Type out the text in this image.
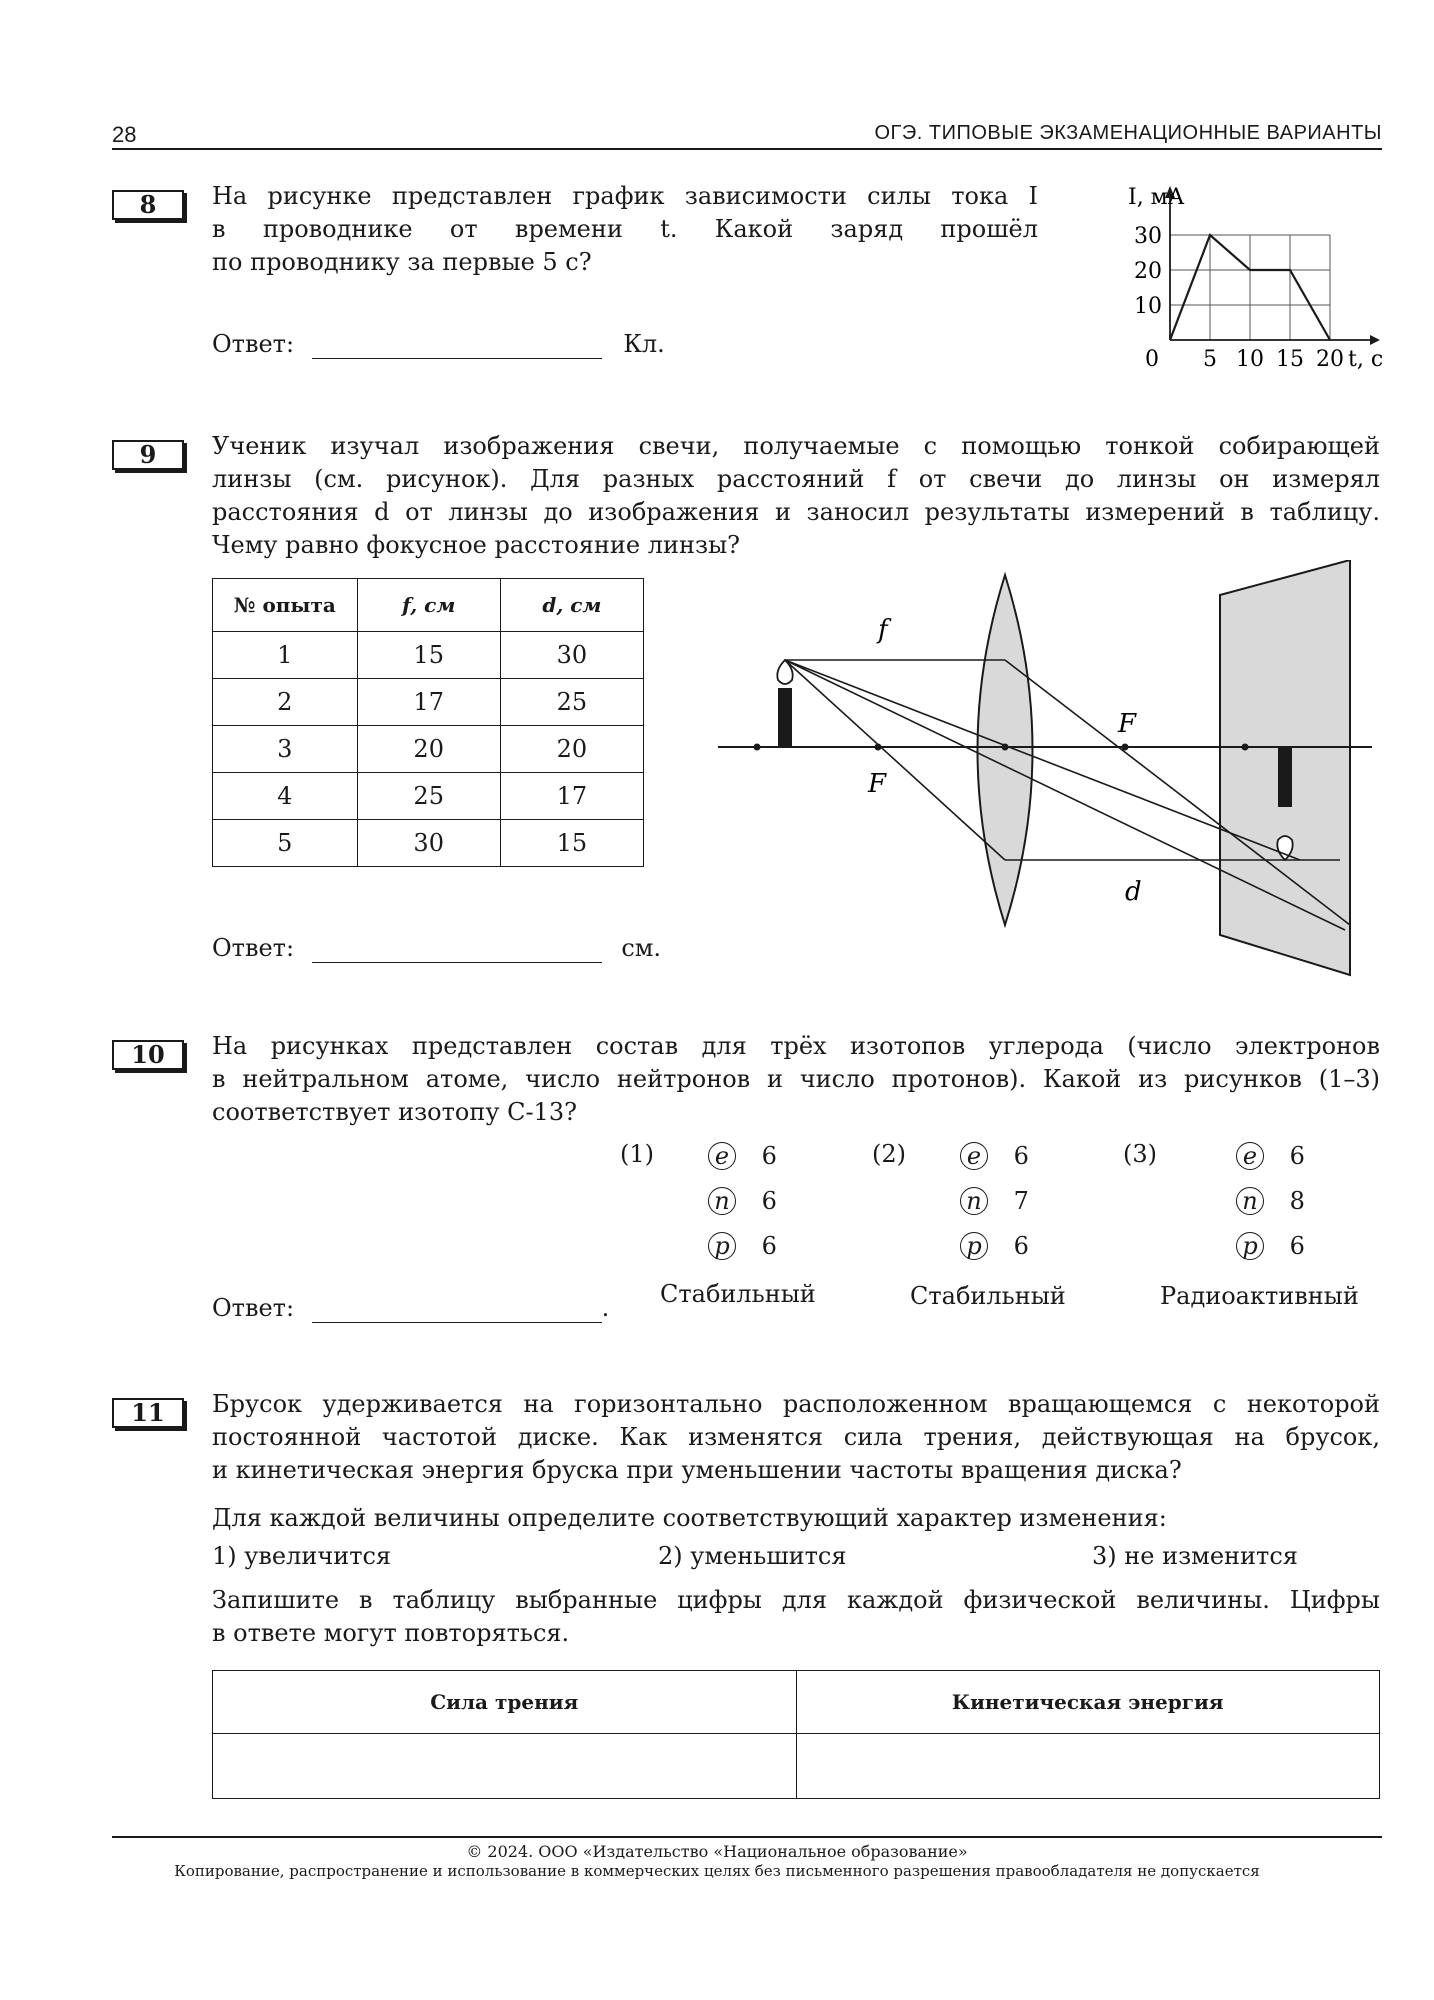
28	ОГЭ. ТИПОВЫЕ ЭКЗАМЕНАЦИОННЫЕ ВАРИАНТЫ
8	На рисунке представлен график зависимости силы тока I
в проводнике от времени t. Какой заряд прошёл
по проводнику за первые 5 с?
Ответ:	Кл.
10
20
30
0 5 10 15 20
I, мА
t, с
9	Ученик изучал изображения свечи, получаемые с помощью тонкой собирающей
линзы (см. рисунок). Для разных расстояний f от свечи до линзы он измерял
расстояния d от линзы до изображения и заносил результаты измерений в таблицу.
Чему равно фокусное расстояние линзы?
№ опыта	f, см	d, см
1	15	30
2	17	25
3	20	20
4	25	17
5	30	15
f
F
F
d
Ответ:	см.
10	На рисунках представлен состав для трёх изотопов углерода (число электронов
в нейтральном атоме, число нейтронов и число протонов). Какой из рисунков (1–3)
соответствует изотопу С-13?
(1)	e 6
n 6
p 6
Стабильный
(2)	e 6
n 7
p 6
Стабильный
(3)	e 6
n 8
p 6
Радиоактивный
Ответ:	.
11	Брусок удерживается на горизонтально расположенном вращающемся с некоторой
постоянной частотой диске. Как изменятся сила трения, действующая на брусок,
и кинетическая энергия бруска при уменьшении частоты вращения диска?
Для каждой величины определите соответствующий характер изменения:
1) увеличится	2) уменьшится	3) не изменится
Запишите в таблицу выбранные цифры для каждой физической величины. Цифры
в ответе могут повторяться.
Сила трения	Кинетическая энергия

© 2024. ООО «Издательство «Национальное образование»
Копирование, распространение и использование в коммерческих целях без письменного разрешения правообладателя не допускается
